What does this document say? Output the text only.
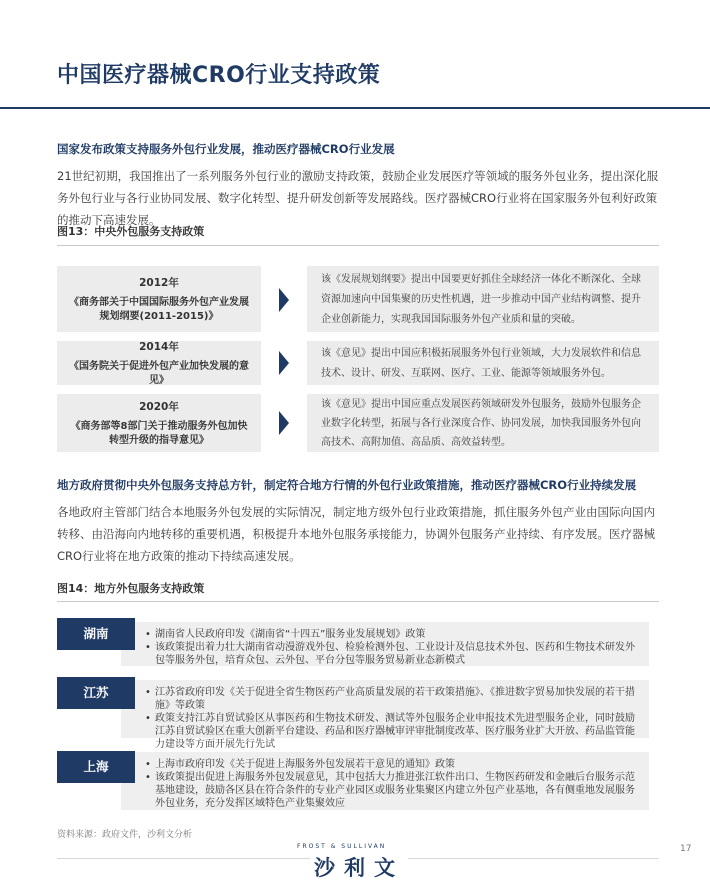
中国医疗器械CRO行业支持政策
国家发布政策支持服务外包行业发展，推动医疗器械CRO行业发展
21世纪初期，我国推出了一系列服务外包行业的激励支持政策，鼓励企业发展医疗等领域的服务外包业务，提出深化服务外包行业与各行业协同发展、数字化转型、提升研发创新等发展路线。医疗器械CRO行业将在国家服务外包利好政策的推动下高速发展。
图13：中央外包服务支持政策
2012年
《商务部关于中国国际服务外包产业发展规划纲要(2011-2015)》
该《发展规划纲要》提出中国要更好抓住全球经济一体化不断深化、全球资源加速向中国集聚的历史性机遇，进一步推动中国产业结构调整、提升企业创新能力，实现我国国际服务外包产业质和量的突破。
2014年
《国务院关于促进外包产业加快发展的意见》
该《意见》提出中国应积极拓展服务外包行业领域，大力发展软件和信息技术、设计、研发、互联网、医疗、工业、能源等领域服务外包。
2020年
《商务部等8部门关于推动服务外包加快转型升级的指导意见》
该《意见》提出中国应重点发展医药领域研发外包服务，鼓励外包服务企业数字化转型，拓展与各行业深度合作、协同发展，加快我国服务外包向高技术、高附加值、高品质、高效益转型。
地方政府贯彻中央外包服务支持总方针，制定符合地方行情的外包行业政策措施，推动医疗器械CRO行业持续发展
各地政府主管部门结合本地服务外包发展的实际情况，制定地方级外包行业政策措施，抓住服务外包产业由国际向国内转移、由沿海向内地转移的重要机遇，积极提升本地外包服务承接能力，协调外包服务产业持续、有序发展。医疗器械CRO行业将在地方政策的推动下持续高速发展。
图14：地方外包服务支持政策
• 湖南省人民政府印发《湖南省“十四五”服务业发展规划》政策
• 该政策提出着力壮大湖南省动漫游戏外包、检验检测外包、工业设计及信息技术外包、医药和生物技术研发外包等服务外包，培育众包、云外包、平台分包等服务贸易新业态新模式
湖南
• 江苏省政府印发《关于促进全省生物医药产业高质量发展的若干政策措施》、《推进数字贸易加快发展的若干措施》等政策
• 政策支持江苏自贸试验区从事医药和生物技术研发、测试等外包服务企业申报技术先进型服务企业，同时鼓励江苏自贸试验区在重大创新平台建设、药品和医疗器械审评审批制度改革、医疗服务业扩大开放、药品监管能力建设等方面开展先行先试
江苏
• 上海市政府印发《关于促进上海服务外包发展若干意见的通知》政策
• 该政策提出促进上海服务外包发展意见，其中包括大力推进张江软件出口、生物医药研发和金融后台服务示范基地建设，鼓励各区县在符合条件的专业产业园区或服务业集聚区内建立外包产业基地，各有侧重地发展服务外包业务，充分发挥区域特色产业集聚效应
上海
资料来源：政府文件，沙利文分析
17
FROST & SULLIVAN
沙利文
